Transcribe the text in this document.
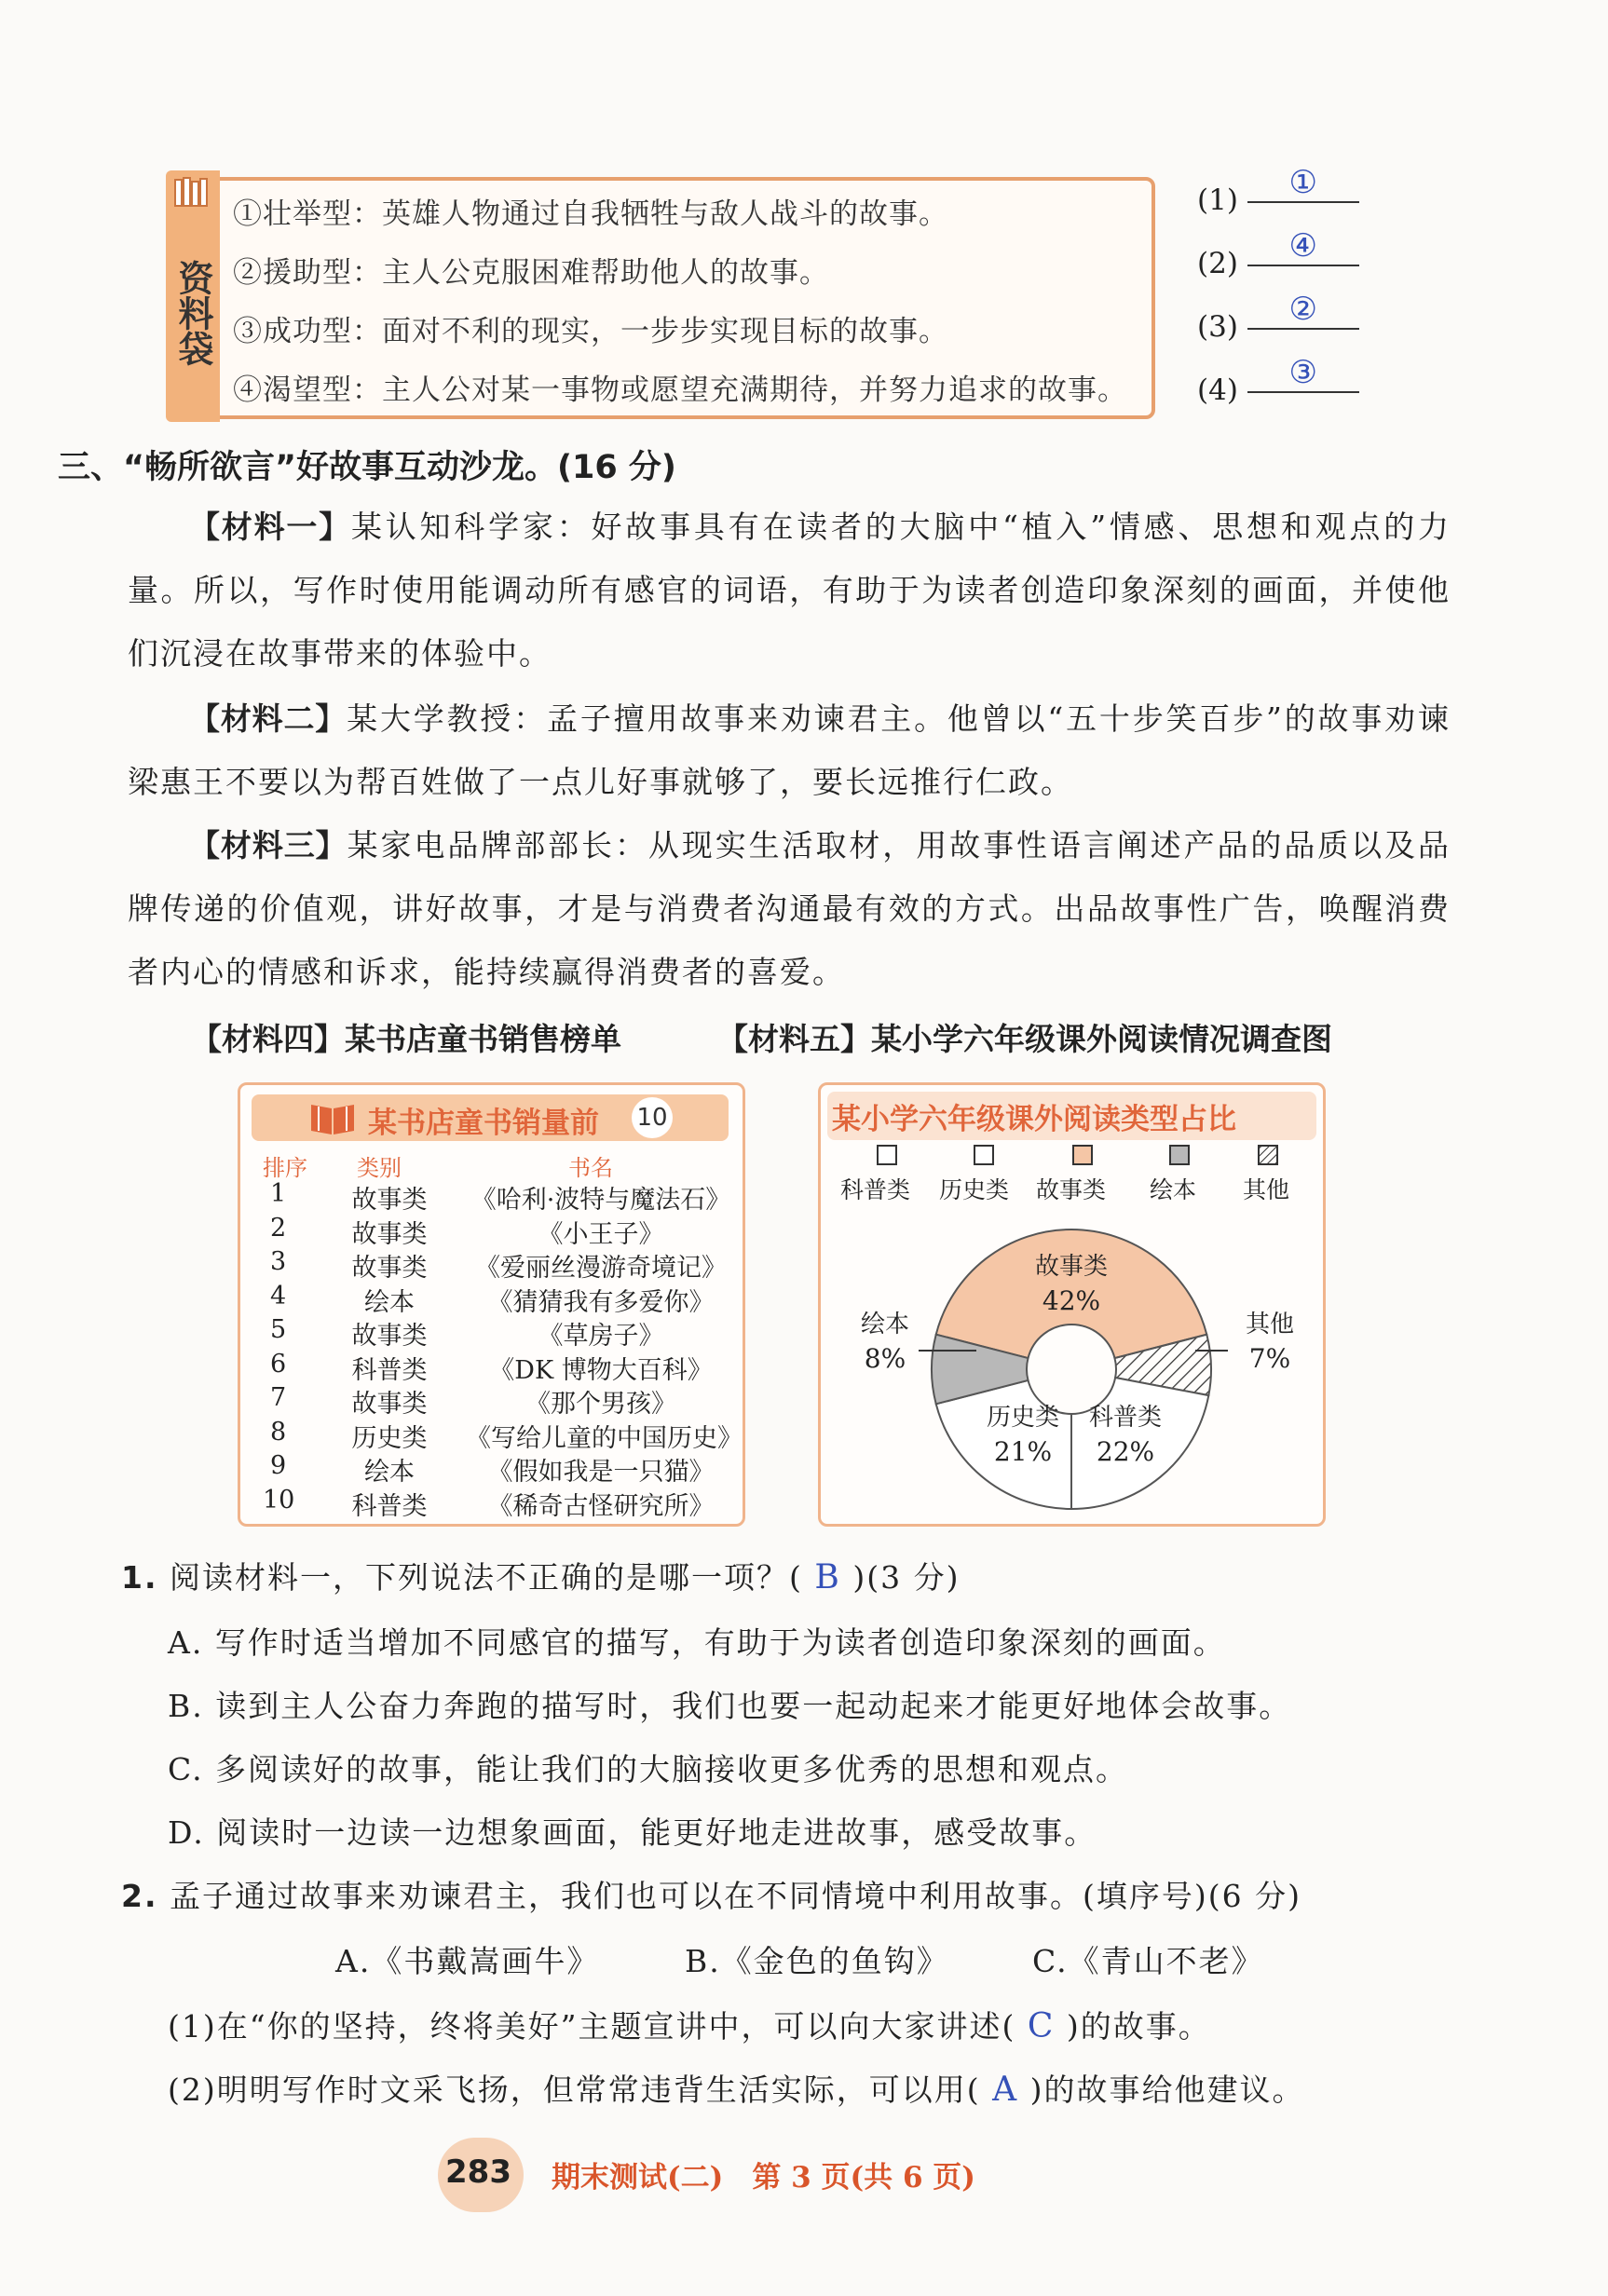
资料袋
①壮举型：英雄人物通过自我牺牲与敌人战斗的故事。
②援助型：主人公克服困难帮助他人的故事。
③成功型：面对不利的现实，一步步实现目标的故事。
④渴望型：主人公对某一事物或愿望充满期待，并努力追求的故事。
(1) ①
(2) ④
(3) ②
(4) ③
三、“畅所欲言”好故事互动沙龙。(16 分)
【材料一】某认知科学家：好故事具有在读者的大脑中“植入”情感、思想和观点的力量。所以，写作时使用能调动所有感官的词语，有助于为读者创造印象深刻的画面，并使他们沉浸在故事带来的体验中。
【材料二】某大学教授：孟子擅用故事来劝谏君主。他曾以“五十步笑百步”的故事劝谏梁惠王不要以为帮百姓做了一点儿好事就够了，要长远推行仁政。
【材料三】某家电品牌部部长：从现实生活取材，用故事性语言阐述产品的品质以及品牌传递的价值观，讲好故事，才是与消费者沟通最有效的方式。出品故事性广告，唤醒消费者内心的情感和诉求，能持续赢得消费者的喜爱。
【材料四】某书店童书销售榜单	【材料五】某小学六年级课外阅读情况调查图
某书店童书销量前 10
排序 类别	书名
1	故事类	《哈利·波特与魔法石》
2	故事类	《小王子》
3	故事类	《爱丽丝漫游奇境记》
4	绘本	《猜猜我有多爱你》
5	故事类	《草房子》
6	科普类	《DK 博物大百科》
7	故事类	《那个男孩》
8	历史类	《写给儿童的中国历史》
9	绘本	《假如我是一只猫》
10	科普类	《稀奇古怪研究所》
某小学六年级课外阅读类型占比
科普类 历史类 故事类 绘本 其他
故事类
42%
其他
7%
科普类
22%
历史类
21%
绘本
8%
1. 阅读材料一，下列说法不正确的是哪一项？( B )(3 分)
A. 写作时适当增加不同感官的描写，有助于为读者创造印象深刻的画面。
B. 读到主人公奋力奔跑的描写时，我们也要一起动起来才能更好地体会故事。
C. 多阅读好的故事，能让我们的大脑接收更多优秀的思想和观点。
D. 阅读时一边读一边想象画面，能更好地走进故事，感受故事。
2. 孟子通过故事来劝谏君主，我们也可以在不同情境中利用故事。(填序号)(6 分)
A.《书戴嵩画牛》	B.《金色的鱼钩》	C.《青山不老》
(1)在“你的坚持，终将美好”主题宣讲中，可以向大家讲述( C )的故事。
(2)明明写作时文采飞扬，但常常违背生活实际，可以用( A )的故事给他建议。
283 期末测试(二)　第 3 页(共 6 页)
